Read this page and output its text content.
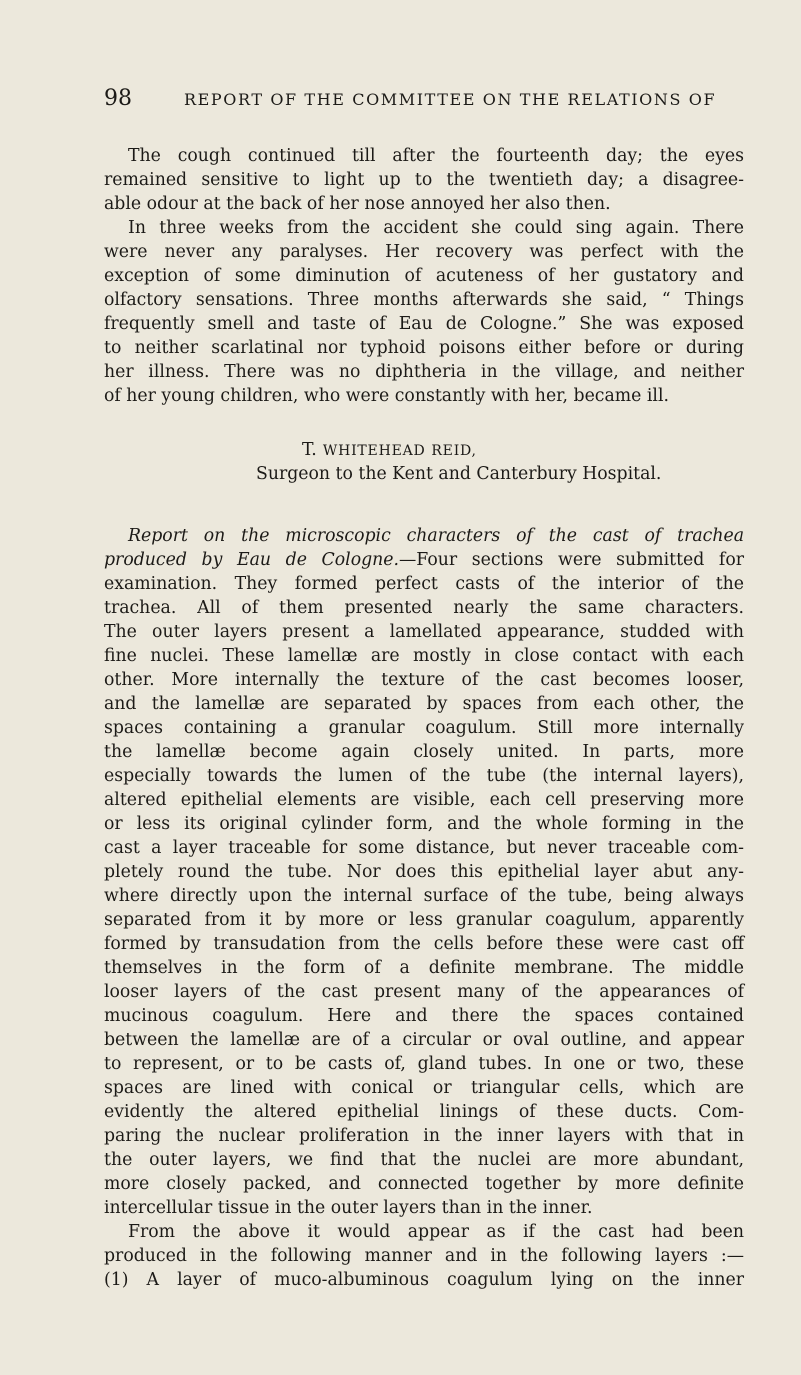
98	REPORT OF THE COMMITTEE ON THE RELATIONS OF
The cough continued till after the fourteenth day; the eyes
remained sensitive to light up to the twentieth day; a disagree-
able odour at the back of her nose annoyed her also then.
In three weeks from the accident she could sing again. There
were never any paralyses. Her recovery was perfect with the
exception of some diminution of acuteness of her gustatory and
olfactory sensations. Three months afterwards she said, “ Things
frequently smell and taste of Eau de Cologne.” She was exposed
to neither scarlatinal nor typhoid poisons either before or during
her illness. There was no diphtheria in the village, and neither
of her young children, who were constantly with her, became ill.
T. WHITEHEAD REID,
Surgeon to the Kent and Canterbury Hospital.
Report on the microscopic characters of the cast of trachea
produced by Eau de Cologne.—Four sections were submitted for
examination. They formed perfect casts of the interior of the
trachea. All of them presented nearly the same characters.
The outer layers present a lamellated appearance, studded with
fine nuclei. These lamellæ are mostly in close contact with each
other. More internally the texture of the cast becomes looser,
and the lamellæ are separated by spaces from each other, the
spaces containing a granular coagulum. Still more internally
the lamellæ become again closely united. In parts, more
especially towards the lumen of the tube (the internal layers),
altered epithelial elements are visible, each cell preserving more
or less its original cylinder form, and the whole forming in the
cast a layer traceable for some distance, but never traceable com-
pletely round the tube. Nor does this epithelial layer abut any-
where directly upon the internal surface of the tube, being always
separated from it by more or less granular coagulum, apparently
formed by transudation from the cells before these were cast off
themselves in the form of a definite membrane. The middle
looser layers of the cast present many of the appearances of
mucinous coagulum. Here and there the spaces contained
between the lamellæ are of a circular or oval outline, and appear
to represent, or to be casts of, gland tubes. In one or two, these
spaces are lined with conical or triangular cells, which are
evidently the altered epithelial linings of these ducts. Com-
paring the nuclear proliferation in the inner layers with that in
the outer layers, we find that the nuclei are more abundant,
more closely packed, and connected together by more definite
intercellular tissue in the outer layers than in the inner.
From the above it would appear as if the cast had been
produced in the following manner and in the following layers :—
(1) A layer of muco-albuminous coagulum lying on the inner
